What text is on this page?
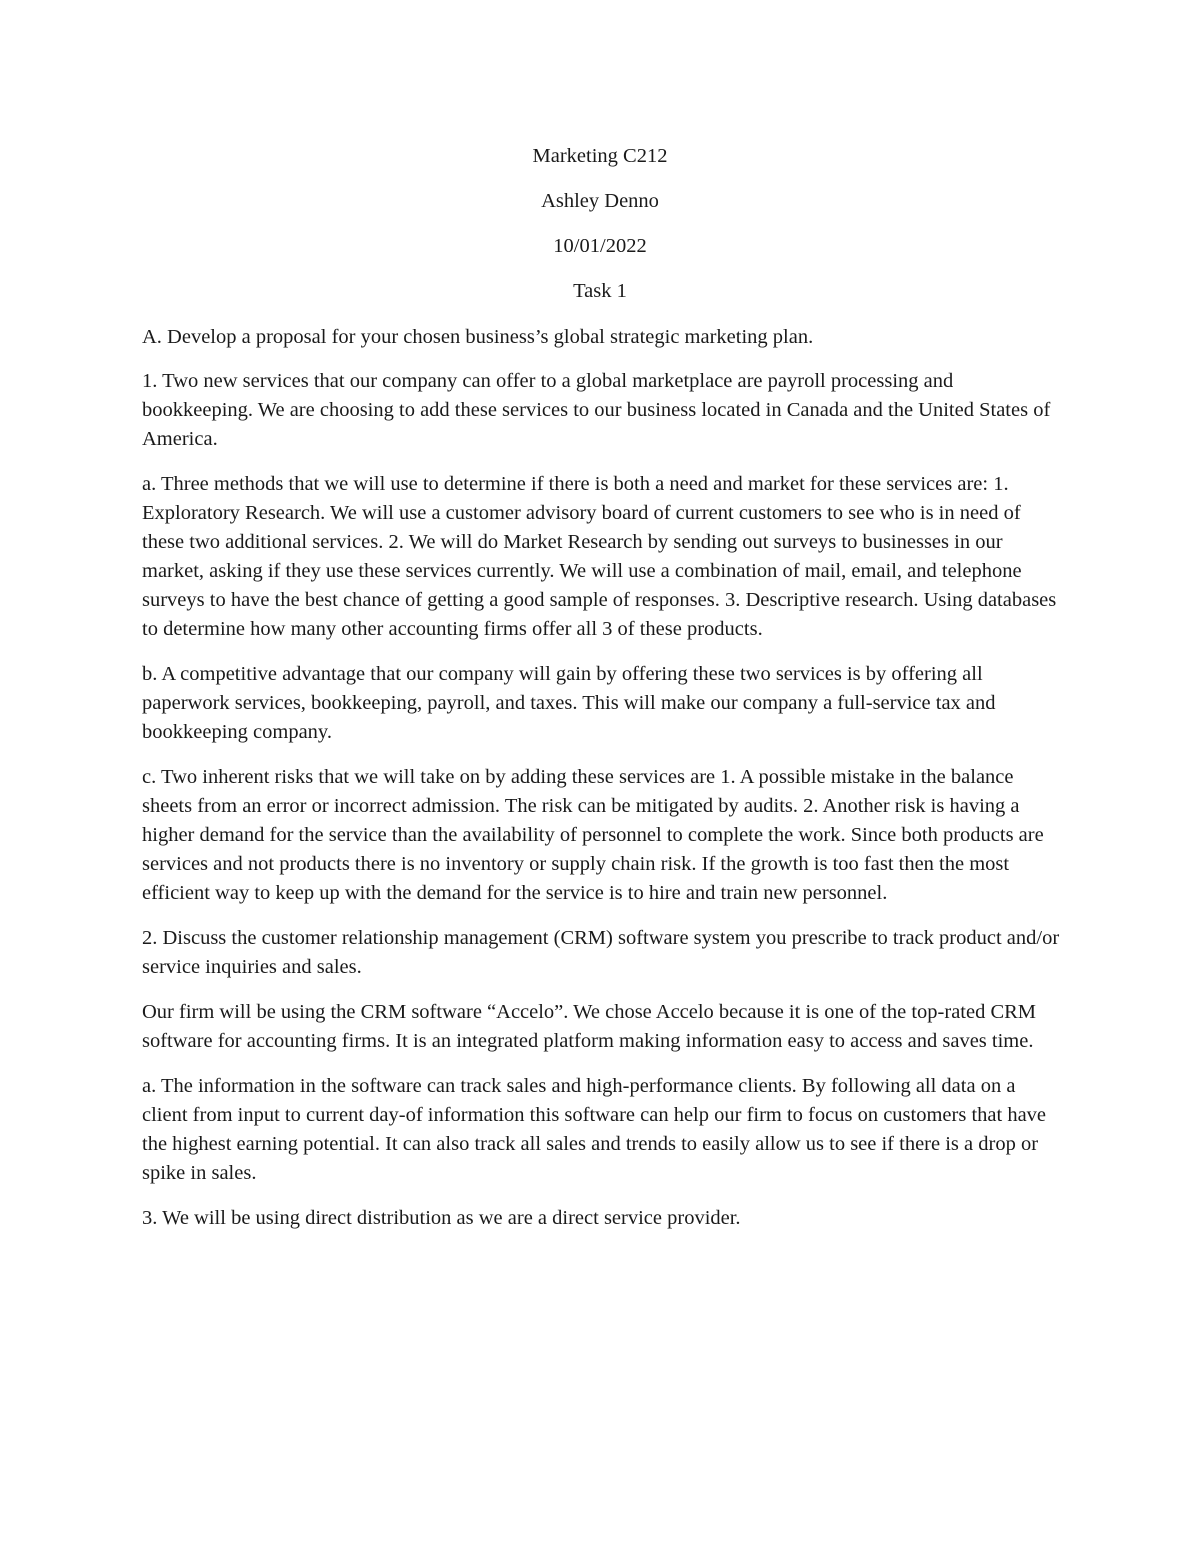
Marketing C212
Ashley Denno
10/01/2022
Task 1

A. Develop a proposal for your chosen business’s global strategic marketing plan.

1. Two new services that our company can offer to a global marketplace are payroll processing and bookkeeping. We are choosing to add these services to our business located in Canada and the United States of America.

a. Three methods that we will use to determine if there is both a need and market for these services are: 1. Exploratory Research. We will use a customer advisory board of current customers to see who is in need of these two additional services. 2. We will do Market Research by sending out surveys to businesses in our market, asking if they use these services currently. We will use a combination of mail, email, and telephone surveys to have the best chance of getting a good sample of responses. 3. Descriptive research. Using databases to determine how many other accounting firms offer all 3 of these products.

b. A competitive advantage that our company will gain by offering these two services is by offering all paperwork services, bookkeeping, payroll, and taxes. This will make our company a full-service tax and bookkeeping company.

c. Two inherent risks that we will take on by adding these services are 1. A possible mistake in the balance sheets from an error or incorrect admission. The risk can be mitigated by audits. 2. Another risk is having a higher demand for the service than the availability of personnel to complete the work. Since both products are services and not products there is no inventory or supply chain risk. If the growth is too fast then the most efficient way to keep up with the demand for the service is to hire and train new personnel.

2. Discuss the customer relationship management (CRM) software system you prescribe to track product and/or service inquiries and sales.

Our firm will be using the CRM software “Accelo”. We chose Accelo because it is one of the top-rated CRM software for accounting firms. It is an integrated platform making information easy to access and saves time.

a. The information in the software can track sales and high-performance clients. By following all data on a client from input to current day-of information this software can help our firm to focus on customers that have the highest earning potential. It can also track all sales and trends to easily allow us to see if there is a drop or spike in sales.

3. We will be using direct distribution as we are a direct service provider.
